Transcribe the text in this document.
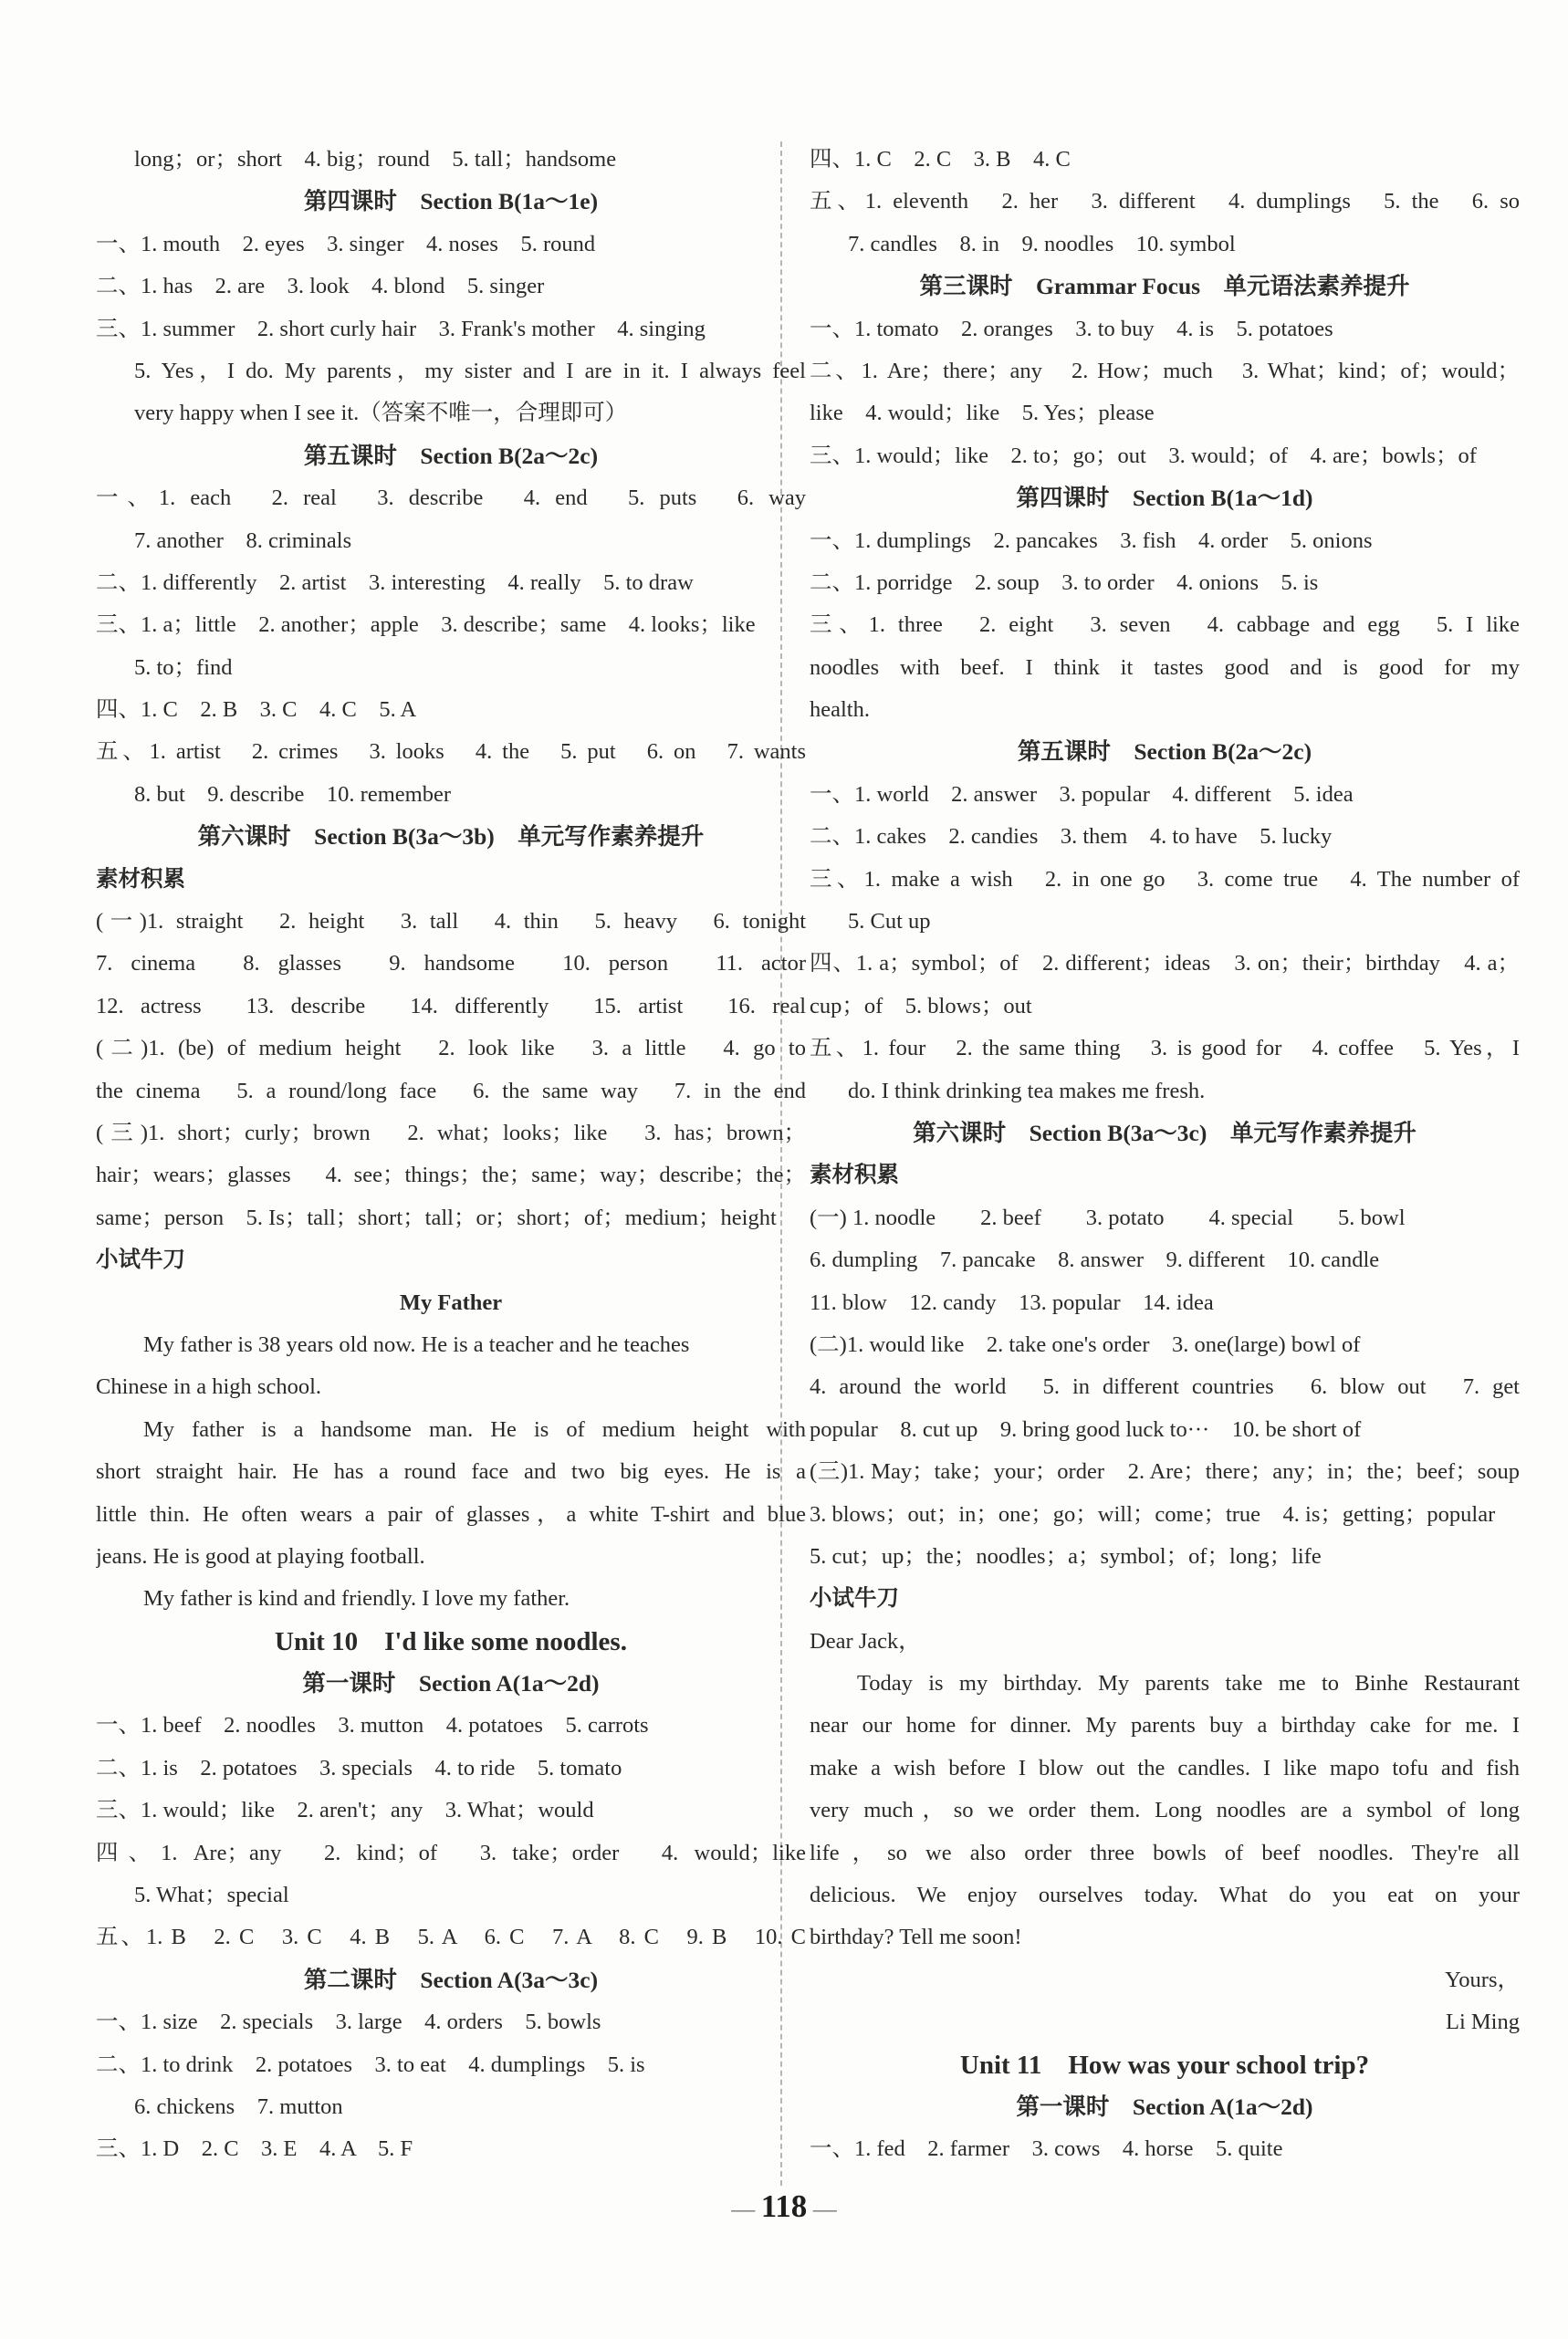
long；or；short　4. big；round　5. tall；handsome
第四课时　Section B(1a～1e)
一、1. mouth　2. eyes　3. singer　4. noses　5. round
二、1. has　2. are　3. look　4. blond　5. singer
三、1. summer　2. short curly hair　3. Frank's mother　4. singing
5. Yes，I do. My parents，my sister and I are in it. I always feel
very happy when I see it.（答案不唯一，合理即可）
第五课时　Section B(2a～2c)
一、1. each　2. real　3. describe　4. end　5. puts　6. way
7. another　8. criminals
二、1. differently　2. artist　3. interesting　4. really　5. to draw
三、1. a；little　2. another；apple　3. describe；same　4. looks；like
5. to；find
四、1. C　2. B　3. C　4. C　5. A
五、1. artist　2. crimes　3. looks　4. the　5. put　6. on　7. wants
8. but　9. describe　10. remember
第六课时　Section B(3a～3b)　单元写作素养提升
素材积累
(一)1. straight　2. height　3. tall　4. thin　5. heavy　6. tonight
7. cinema　8. glasses　9. handsome　10. person　11. actor
12. actress　13. describe　14. differently　15. artist　16. real
(二)1. (be) of medium height　2. look like　3. a little　4. go to
the cinema　5. a round/long face　6. the same way　7. in the end
(三)1. short；curly；brown　2. what；looks；like　3. has；brown；
hair；wears；glasses　4. see；things；the；same；way；describe；the；
same；person　5. Is；tall；short；tall；or；short；of；medium；height
小试牛刀
My Father
My father is 38 years old now. He is a teacher and he teaches
Chinese in a high school.
My father is a handsome man. He is of medium height with
short straight hair. He has a round face and two big eyes. He is a
little thin. He often wears a pair of glasses，a white T-shirt and blue
jeans. He is good at playing football.
My father is kind and friendly. I love my father.
Unit 10　I'd like some noodles.
第一课时　Section A(1a～2d)
一、1. beef　2. noodles　3. mutton　4. potatoes　5. carrots
二、1. is　2. potatoes　3. specials　4. to ride　5. tomato
三、1. would；like　2. aren't；any　3. What；would
四、1. Are；any　2. kind；of　3. take；order　4. would；like
5. What；special
五、1. B　2. C　3. C　4. B　5. A　6. C　7. A　8. C　9. B　10. C
第二课时　Section A(3a～3c)
一、1. size　2. specials　3. large　4. orders　5. bowls
二、1. to drink　2. potatoes　3. to eat　4. dumplings　5. is
6. chickens　7. mutton
三、1. D　2. C　3. E　4. A　5. F
四、1. C　2. C　3. B　4. C
五、1. eleventh　2. her　3. different　4. dumplings　5. the　6. so
7. candles　8. in　9. noodles　10. symbol
第三课时　Grammar Focus　单元语法素养提升
一、1. tomato　2. oranges　3. to buy　4. is　5. potatoes
二、1. Are；there；any　2. How；much　3. What；kind；of；would；
like　4. would；like　5. Yes；please
三、1. would；like　2. to；go；out　3. would；of　4. are；bowls；of
第四课时　Section B(1a～1d)
一、1. dumplings　2. pancakes　3. fish　4. order　5. onions
二、1. porridge　2. soup　3. to order　4. onions　5. is
三、1. three　2. eight　3. seven　4. cabbage and egg　5. I like
noodles with beef. I think it tastes good and is good for my
health.
第五课时　Section B(2a～2c)
一、1. world　2. answer　3. popular　4. different　5. idea
二、1. cakes　2. candies　3. them　4. to have　5. lucky
三、1. make a wish　2. in one go　3. come true　4. The number of
5. Cut up
四、1. a；symbol；of　2. different；ideas　3. on；their；birthday　4. a；
cup；of　5. blows；out
五、1. four　2. the same thing　3. is good for　4. coffee　5. Yes，I
do. I think drinking tea makes me fresh.
第六课时　Section B(3a～3c)　单元写作素养提升
素材积累
(一) 1. noodle　　2. beef　　3. potato　　4. special　　5. bowl
6. dumpling　7. pancake　8. answer　9. different　10. candle
11. blow　12. candy　13. popular　14. idea
(二)1. would like　2. take one's order　3. one(large) bowl of
4. around the world　5. in different countries　6. blow out　7. get
popular　8. cut up　9. bring good luck to···　10. be short of
(三)1. May；take；your；order　2. Are；there；any；in；the；beef；soup
3. blows；out；in；one；go；will；come；true　4. is；getting；popular
5. cut；up；the；noodles；a；symbol；of；long；life
小试牛刀
Dear Jack，
Today is my birthday. My parents take me to Binhe Restaurant
near our home for dinner. My parents buy a birthday cake for me. I
make a wish before I blow out the candles. I like mapo tofu and fish
very much，so we order them. Long noodles are a symbol of long
life，so we also order three bowls of beef noodles. They're all
delicious. We enjoy ourselves today. What do you eat on your
birthday? Tell me soon!
Yours，
Li Ming
Unit 11　How was your school trip?
第一课时　Section A(1a～2d)
一、1. fed　2. farmer　3. cows　4. horse　5. quite
— 118 —
